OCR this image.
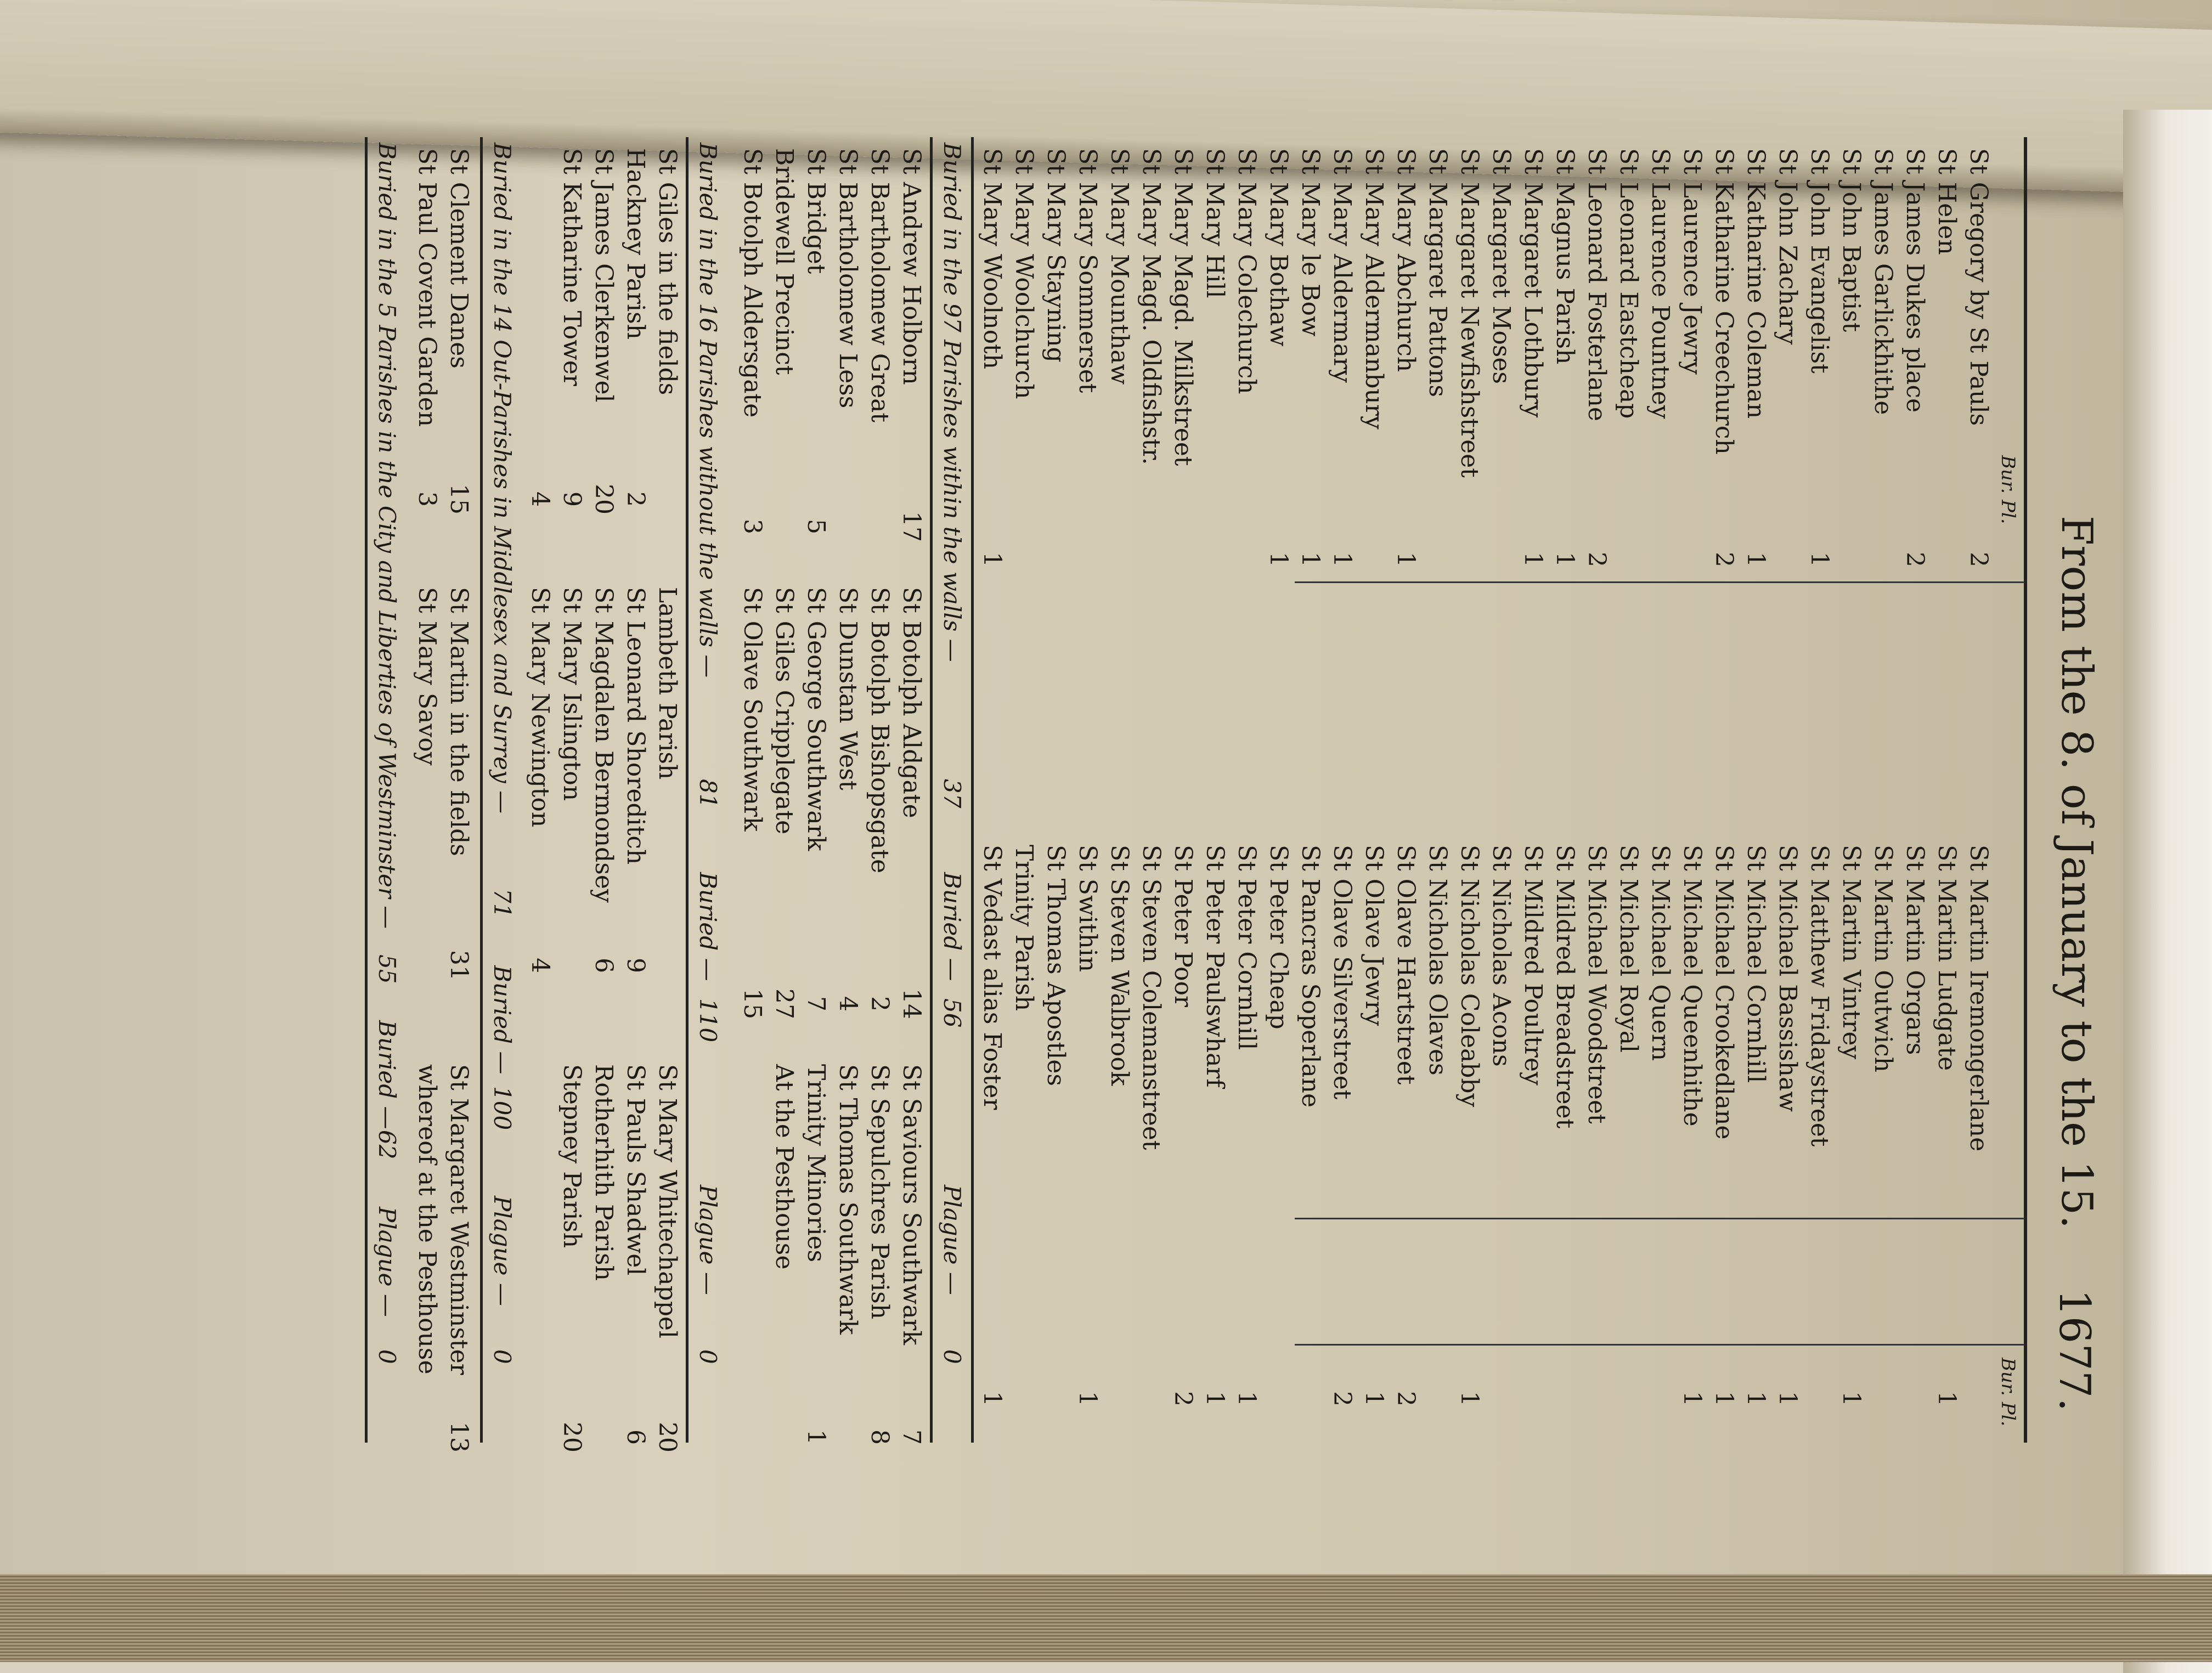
From the 8. of January to the 15.
1677.
Bur. Pl.
Bur. Pl.
St Gregory by St Pauls
2
St Helen
St James Dukes place
2
St James Garlickhithe
St John Baptist
St John Evangelist
1
St John Zachary
St Katharine Coleman
1
St Katharine Creechurch
2
St Laurence Jewry
St Laurence Pountney
St Leonard Eastcheap
St Leonard Fosterlane
2
St Magnus Parish
1
St Margaret Lothbury
1
St Margaret Moses
St Margaret Newfishstreet
St Margaret Pattons
St Mary Abchurch
1
St Mary Aldermanbury
St Mary Aldermary
1
St Mary le Bow
1
St Mary Bothaw
1
St Mary Colechurch
St Mary Hill
St Mary Magd. Milkstreet
St Mary Magd. Oldfishstr.
St Mary Mounthaw
St Mary Sommerset
St Mary Stayning
St Mary Woolchurch
St Mary Woolnoth
1
St Martin Iremongerlane
St Martin Ludgate
1
St Martin Orgars
St Martin Outwich
St Martin Vintrey
1
St Matthew Fridaystreet
St Michael Bassishaw
1
St Michael Cornhill
1
St Michael Crookedlane
1
St Michael Queenhithe
1
St Michael Quern
St Michael Royal
St Michael Woodstreet
St Mildred Breadstreet
St Mildred Poultrey
St Nicholas Acons
St Nicholas Coleabby
1
St Nicholas Olaves
St Olave Hartstreet
2
St Olave Jewry
1
St Olave Silverstreet
2
St Pancras Soperlane
St Peter Cheap
St Peter Cornhill
1
St Peter Paulswharf
1
St Peter Poor
2
St Steven Colemanstreet
St Steven Walbrook
St Swithin
1
St Thomas Apostles
Trinity Parish
St Vedast alias Foster
1
Buried in the 97 Parishes within the walls —
37
Buried —
56
Plague —
0
St Andrew Holborn
17
St Bartholomew Great
St Bartholomew Less
St Bridget
5
Bridewell Precinct
St Botolph Aldersgate
3
St Botolph Aldgate
14
St Botolph Bishopsgate
2
St Dunstan West
4
St George Southwark
7
St Giles Cripplegate
27
St Olave Southwark
15
St Saviours Southwark
7
St Sepulchres Parish
8
St Thomas Southwark
Trinity Minories
1
At the Pesthouse
Buried in the 16 Parishes without the walls —
81
Buried —
110
Plague —
0
St Giles in the fields
Hackney Parish
2
St James Clerkenwel
20
St Katharine Tower
9
4
Lambeth Parish
St Leonard Shoreditch
9
St Magdalen Bermondsey
6
St Mary Islington
St Mary Newington
4
St Mary Whitechappel
20
St Pauls Shadwel
6
Rotherhith Parish
Stepney Parish
20
Buried in the 14 Out-Parishes in Middlesex and Surrey —
71
Buried —
100
Plague —
0
St Clement Danes
15
St Paul Covent Garden
3
St Martin in the fields
31
St Mary Savoy
St Margaret Westminster
13
whereof at the Pesthouse
Buried in the 5 Parishes in the City and Liberties of Westminster —
55
Buried —
62
Plague —
0
